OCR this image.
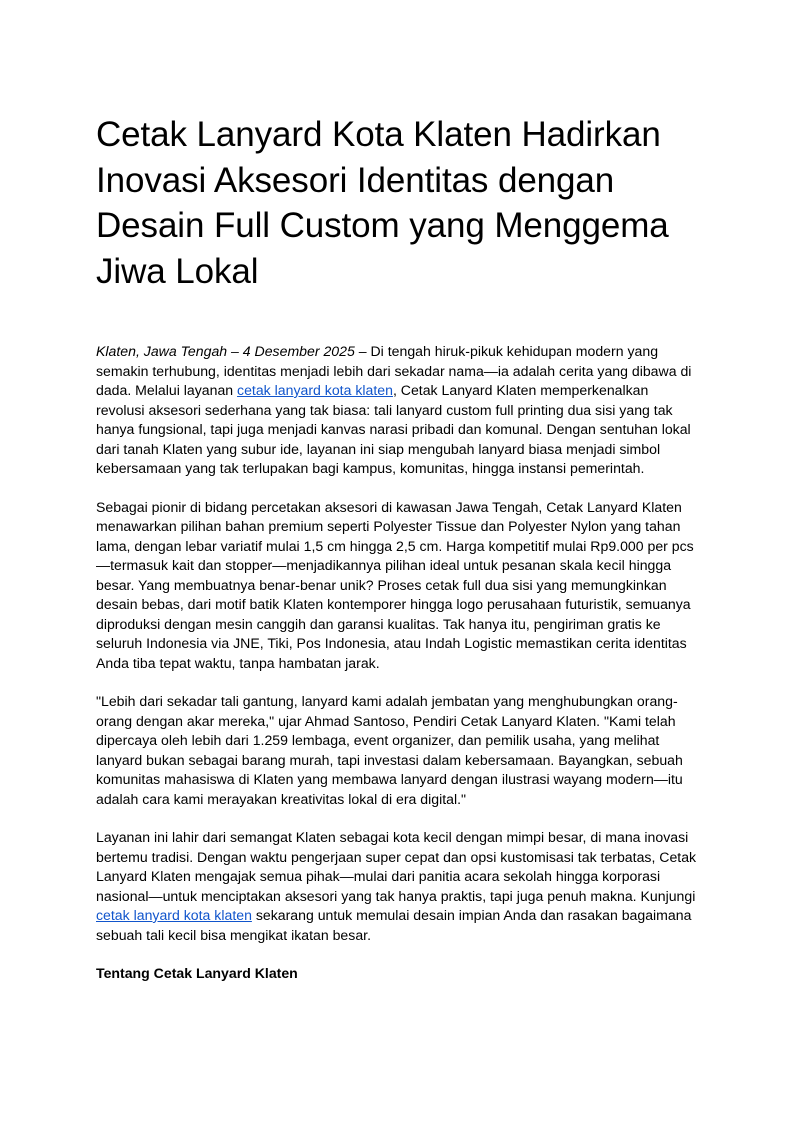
Cetak Lanyard Kota Klaten Hadirkan Inovasi Aksesori Identitas dengan Desain Full Custom yang Menggema Jiwa Lokal

Klaten, Jawa Tengah – 4 Desember 2025 – Di tengah hiruk-pikuk kehidupan modern yang semakin terhubung, identitas menjadi lebih dari sekadar nama—ia adalah cerita yang dibawa di dada. Melalui layanan cetak lanyard kota klaten, Cetak Lanyard Klaten memperkenalkan revolusi aksesori sederhana yang tak biasa: tali lanyard custom full printing dua sisi yang tak hanya fungsional, tapi juga menjadi kanvas narasi pribadi dan komunal. Dengan sentuhan lokal dari tanah Klaten yang subur ide, layanan ini siap mengubah lanyard biasa menjadi simbol kebersamaan yang tak terlupakan bagi kampus, komunitas, hingga instansi pemerintah.

Sebagai pionir di bidang percetakan aksesori di kawasan Jawa Tengah, Cetak Lanyard Klaten menawarkan pilihan bahan premium seperti Polyester Tissue dan Polyester Nylon yang tahan lama, dengan lebar variatif mulai 1,5 cm hingga 2,5 cm. Harga kompetitif mulai Rp9.000 per pcs—termasuk kait dan stopper—menjadikannya pilihan ideal untuk pesanan skala kecil hingga besar. Yang membuatnya benar-benar unik? Proses cetak full dua sisi yang memungkinkan desain bebas, dari motif batik Klaten kontemporer hingga logo perusahaan futuristik, semuanya diproduksi dengan mesin canggih dan garansi kualitas. Tak hanya itu, pengiriman gratis ke seluruh Indonesia via JNE, Tiki, Pos Indonesia, atau Indah Logistic memastikan cerita identitas Anda tiba tepat waktu, tanpa hambatan jarak.

"Lebih dari sekadar tali gantung, lanyard kami adalah jembatan yang menghubungkan orang-orang dengan akar mereka," ujar Ahmad Santoso, Pendiri Cetak Lanyard Klaten. "Kami telah dipercaya oleh lebih dari 1.259 lembaga, event organizer, dan pemilik usaha, yang melihat lanyard bukan sebagai barang murah, tapi investasi dalam kebersamaan. Bayangkan, sebuah komunitas mahasiswa di Klaten yang membawa lanyard dengan ilustrasi wayang modern—itu adalah cara kami merayakan kreativitas lokal di era digital."

Layanan ini lahir dari semangat Klaten sebagai kota kecil dengan mimpi besar, di mana inovasi bertemu tradisi. Dengan waktu pengerjaan super cepat dan opsi kustomisasi tak terbatas, Cetak Lanyard Klaten mengajak semua pihak—mulai dari panitia acara sekolah hingga korporasi nasional—untuk menciptakan aksesori yang tak hanya praktis, tapi juga penuh makna. Kunjungi cetak lanyard kota klaten sekarang untuk memulai desain impian Anda dan rasakan bagaimana sebuah tali kecil bisa mengikat ikatan besar.

Tentang Cetak Lanyard Klaten
